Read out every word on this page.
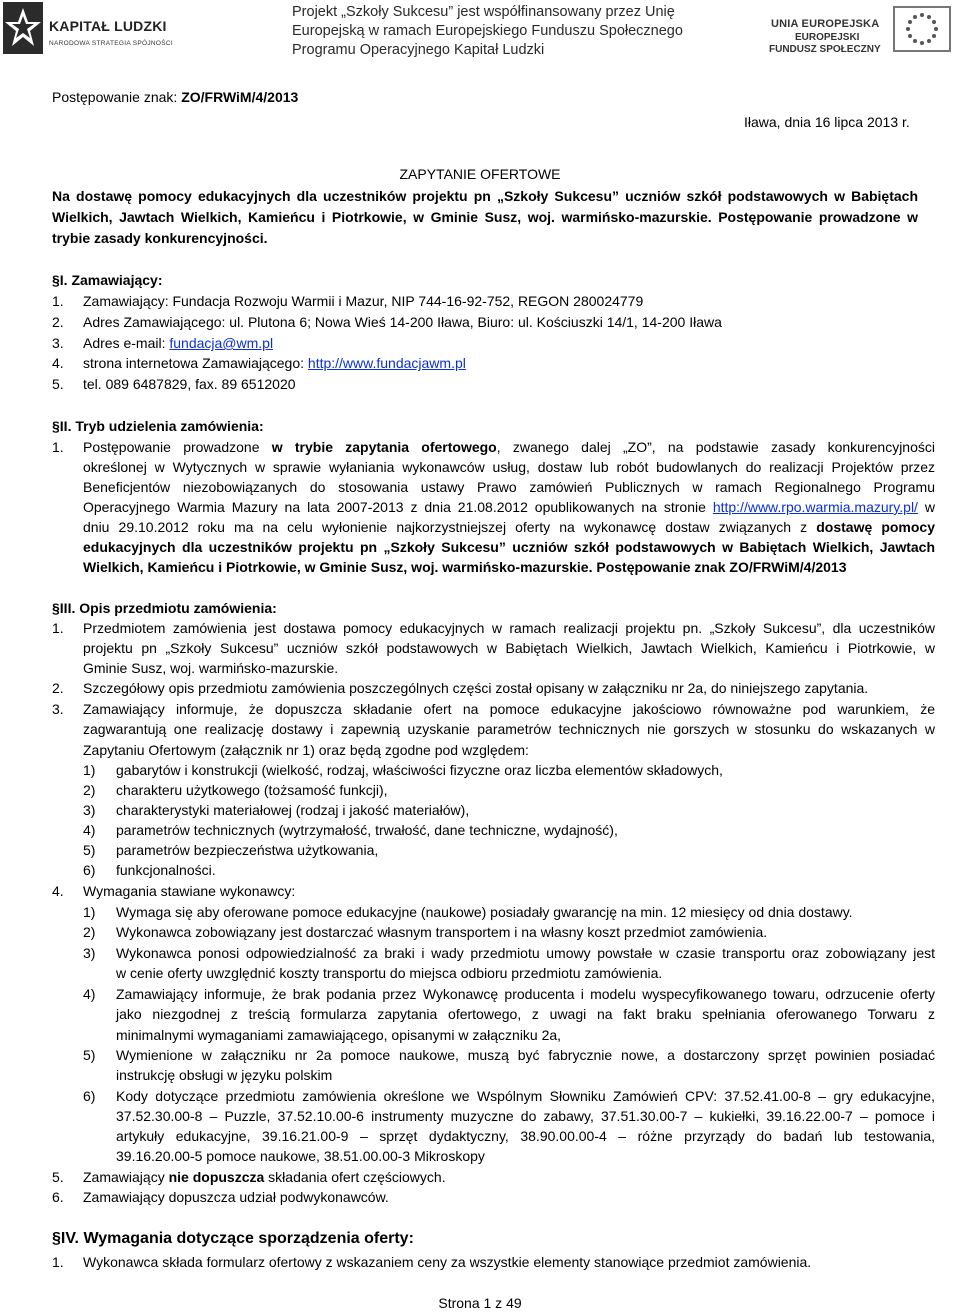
KAPITAŁ LUDZKI
NARODOWA STRATEGIA SPÓJNOŚCI
Projekt „Szkoły Sukcesu” jest współfinansowany przez Unię
Europejską w ramach Europejskiego Funduszu Społecznego
Programu Operacyjnego Kapitał Ludzki
UNIA EUROPEJSKA
EUROPEJSKI
FUNDUSZ SPOŁECZNY
Postępowanie znak: ZO/FRWiM/4/2013
Iława, dnia 16 lipca 2013 r.
ZAPYTANIE OFERTOWE
Na dostawę pomocy edukacyjnych dla uczestników projektu pn „Szkoły Sukcesu” uczniów szkół podstawowych w Babiętach
Wielkich, Jawtach Wielkich, Kamieńcu i Piotrkowie, w Gminie Susz, woj. warmińsko-mazurskie. Postępowanie prowadzone w
trybie zasady konkurencyjności.
§I. Zamawiający:
1. Zamawiający: Fundacja Rozwoju Warmii i Mazur, NIP 744-16-92-752, REGON 280024779
2. Adres Zamawiającego: ul. Plutona 6; Nowa Wieś 14-200 Iława, Biuro: ul. Kościuszki 14/1, 14-200 Iława
3. Adres e-mail: fundacja@wm.pl
4. strona internetowa Zamawiającego: http://www.fundacjawm.pl
5. tel. 089 6487829, fax. 89 6512020
§II. Tryb udzielenia zamówienia:
1. Postępowanie prowadzone w trybie zapytania ofertowego, zwanego dalej „ZO”, na podstawie zasady konkurencyjności
określonej w Wytycznych w sprawie wyłaniania wykonawców usług, dostaw lub robót budowlanych do realizacji Projektów przez
Beneficjentów niezobowiązanych do stosowania ustawy Prawo zamówień Publicznych w ramach Regionalnego Programu
Operacyjnego Warmia Mazury na lata 2007-2013 z dnia 21.08.2012 opublikowanych na stronie http://www.rpo.warmia.mazury.pl/ w
dniu 29.10.2012 roku ma na celu wyłonienie najkorzystniejszej oferty na wykonawcę dostaw związanych z dostawę pomocy
edukacyjnych dla uczestników projektu pn „Szkoły Sukcesu” uczniów szkół podstawowych w Babiętach Wielkich, Jawtach
Wielkich, Kamieńcu i Piotrkowie, w Gminie Susz, woj. warmińsko-mazurskie. Postępowanie znak ZO/FRWiM/4/2013
§III. Opis przedmiotu zamówienia:
1. Przedmiotem zamówienia jest dostawa pomocy edukacyjnych w ramach realizacji projektu pn. „Szkoły Sukcesu”, dla uczestników
projektu pn „Szkoły Sukcesu” uczniów szkół podstawowych w Babiętach Wielkich, Jawtach Wielkich, Kamieńcu i Piotrkowie, w
Gminie Susz, woj. warmińsko-mazurskie.
2. Szczegółowy opis przedmiotu zamówienia poszczególnych części został opisany w załączniku nr 2a, do niniejszego zapytania.
3. Zamawiający informuje, że dopuszcza składanie ofert na pomoce edukacyjne jakościowo równoważne pod warunkiem, że
zagwarantują one realizację dostawy i zapewnią uzyskanie parametrów technicznych nie gorszych w stosunku do wskazanych w
Zapytaniu Ofertowym (załącznik nr 1) oraz będą zgodne pod względem:
1) gabarytów i konstrukcji (wielkość, rodzaj, właściwości fizyczne oraz liczba elementów składowych,
2) charakteru użytkowego (tożsamość funkcji),
3) charakterystyki materiałowej (rodzaj i jakość materiałów),
4) parametrów technicznych (wytrzymałość, trwałość, dane techniczne, wydajność),
5) parametrów bezpieczeństwa użytkowania,
6) funkcjonalności.
4. Wymagania stawiane wykonawcy:
1) Wymaga się aby oferowane pomoce edukacyjne (naukowe) posiadały gwarancję na min. 12 miesięcy od dnia dostawy.
2) Wykonawca zobowiązany jest dostarczać własnym transportem i na własny koszt przedmiot zamówienia.
3) Wykonawca ponosi odpowiedzialność za braki i wady przedmiotu umowy powstałe w czasie transportu oraz zobowiązany jest
w cenie oferty uwzględnić koszty transportu do miejsca odbioru przedmiotu zamówienia.
4) Zamawiający informuje, że brak podania przez Wykonawcę producenta i modelu wyspecyfikowanego towaru, odrzucenie oferty
jako niezgodnej z treścią formularza zapytania ofertowego, z uwagi na fakt braku spełniania oferowanego Torwaru z
minimalnymi wymaganiami zamawiającego, opisanymi w załączniku 2a,
5) Wymienione w załączniku nr 2a pomoce naukowe, muszą być fabrycznie nowe, a dostarczony sprzęt powinien posiadać
instrukcję obsługi w języku polskim
6) Kody dotyczące przedmiotu zamówienia określone we Wspólnym Słowniku Zamówień CPV: 37.52.41.00-8 – gry edukacyjne,
37.52.30.00-8 – Puzzle, 37.52.10.00-6 instrumenty muzyczne do zabawy, 37.51.30.00-7 – kukiełki, 39.16.22.00-7 – pomoce i
artykuły edukacyjne, 39.16.21.00-9 – sprzęt dydaktyczny, 38.90.00.00-4 – różne przyrządy do badań lub testowania,
39.16.20.00-5 pomoce naukowe, 38.51.00.00-3 Mikroskopy
5. Zamawiający nie dopuszcza składania ofert częściowych.
6. Zamawiający dopuszcza udział podwykonawców.
§IV. Wymagania dotyczące sporządzenia oferty:
1. Wykonawca składa formularz ofertowy z wskazaniem ceny za wszystkie elementy stanowiące przedmiot zamówienia.
Strona 1 z 49
